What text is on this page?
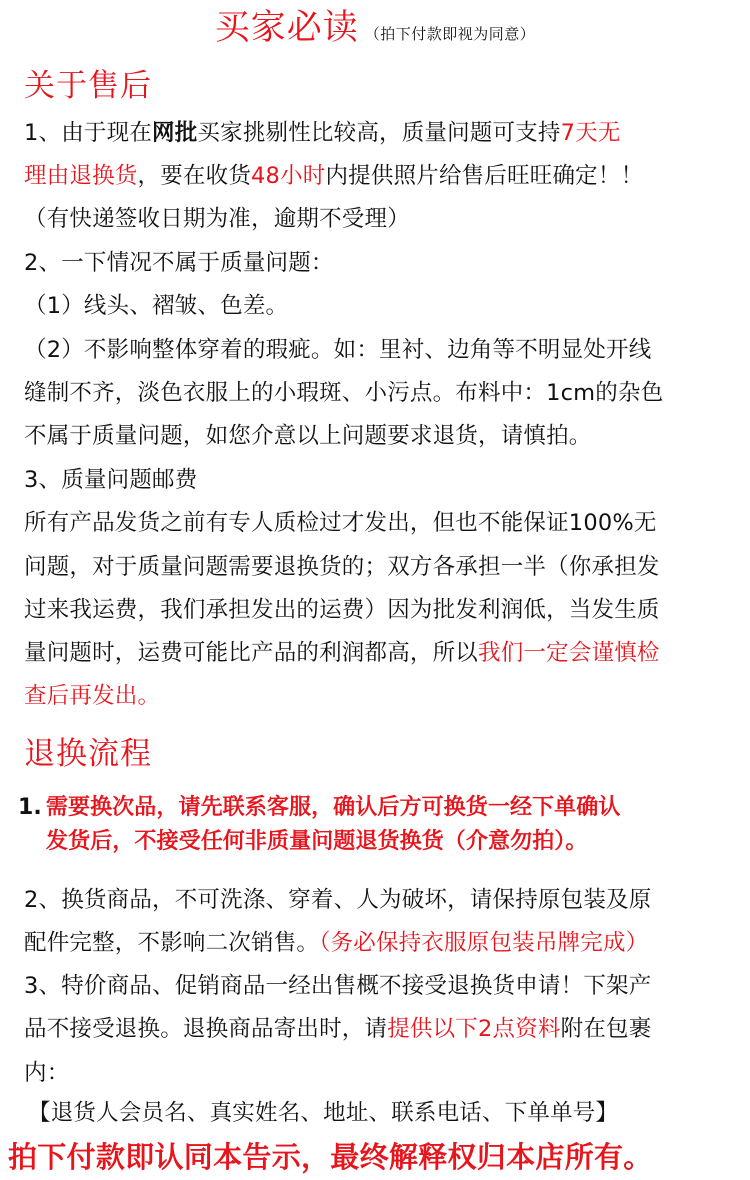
买家必读 （拍下付款即视为同意）
关于售后
1、由于现在网批买家挑剔性比较高，质量问题可支持7天无
理由退换货，要在收货48小时内提供照片给售后旺旺确定！！
（有快递签收日期为准，逾期不受理）
2、一下情况不属于质量问题：
（1）线头、褶皱、色差。
（2）不影响整体穿着的瑕疵。如：里衬、边角等不明显处开线
缝制不齐，淡色衣服上的小瑕斑、小污点。布料中：1cm的杂色
不属于质量问题，如您介意以上问题要求退货，请慎拍。
3、质量问题邮费
所有产品发货之前有专人质检过才发出，但也不能保证100%无
问题，对于质量问题需要退换货的；双方各承担一半（你承担发
过来我运费，我们承担发出的运费）因为批发利润低，当发生质
量问题时，运费可能比产品的利润都高，所以我们一定会谨慎检
查后再发出。
退换流程
1. 需要换次品，请先联系客服，确认后方可换货一经下单确认
发货后，不接受任何非质量问题退货换货（介意勿拍）。
2、换货商品，不可洗涤、穿着、人为破坏，请保持原包装及原
配件完整，不影响二次销售。（务必保持衣服原包装吊牌完成）
3、特价商品、促销商品一经出售概不接受退换货申请！下架产
品不接受退换。退换商品寄出时，请提供以下2点资料附在包裹
内：
【退货人会员名、真实姓名、地址、联系电话、下单单号】
拍下付款即认同本告示，最终解释权归本店所有。
